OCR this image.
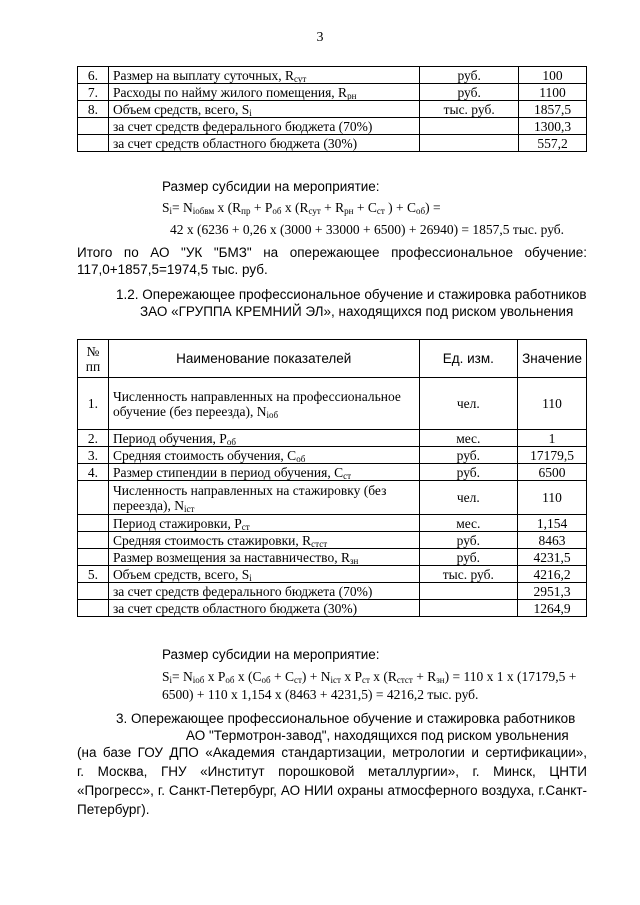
3
6.	Размер на выплату суточных, $R_{сут}$	руб.	100
7.	Расходы по найму жилого помещения, $R_{рн}$	руб.	1100
8.	Объем средств, всего, $S_i$	тыс. руб.	1857,5
	за счет средств федерального бюджета (70%)		1300,3
	за счет средств областного бюджета (30%)		557,2
Размер субсидии на мероприятие:
$S_i= N_{iобвм}$ x ($R_{пр} + P_{об}$ x ($R_{сут} + R_{рн} + C_{ст}$ ) + $C_{об}$) =
42 x (6236 + 0,26 x (3000 + 33000 + 6500) + 26940) = 1857,5 тыс. руб.
Итого по АО "УК "БМЗ" на опережающее профессиональное обучение:
117,0+1857,5=1974,5 тыс. руб.
1.2. Опережающее профессиональное обучение и стажировка работников
ЗАО «ГРУППА КРЕМНИЙ ЭЛ», находящихся под риском увольнения
№ пп	Наименование показателей	Ед. изм.	Значение
1.	Численность направленных на профессиональное обучение (без переезда), $N_{iоб}$	чел.	110
2.	Период обучения, $P_{об}$	мес.	1
3.	Средняя стоимость обучения, $C_{об}$	руб.	17179,5
4.	Размер стипендии в период обучения, $C_{ст}$	руб.	6500
	Численность направленных на стажировку (без переезда), $N_{iст}$	чел.	110
	Период стажировки, $P_{ст}$	мес.	1,154
	Средняя стоимость стажировки, $R_{стст}$	руб.	8463
	Размер возмещения за наставничество, $R_{зн}$	руб.	4231,5
5.	Объем средств, всего, $S_i$	тыс. руб.	4216,2
	за счет средств федерального бюджета (70%)		2951,3
	за счет средств областного бюджета (30%)		1264,9
Размер субсидии на мероприятие:
$S_i= N_{iоб}$ x $P_{об}$ x $(C_{об} + C_{ст}) + N_{iст}$ x $P_{ст}$ x $(R_{стст} + R_{зн}) = 110$ x 1 x (17179,5 +
6500) + 110 x 1,154 x (8463 + 4231,5) = 4216,2 тыс. руб.
3. Опережающее профессиональное обучение и стажировка работников
АО "Термотрон-завод", находящихся под риском увольнения
(на базе ГОУ ДПО «Академия стандартизации, метрологии и сертификации»,
г. Москва, ГНУ «Институт порошковой металлургии», г. Минск, ЦНТИ
«Прогресс», г. Санкт-Петербург, АО НИИ охраны атмосферного воздуха, г.Санкт-
Петербург).
